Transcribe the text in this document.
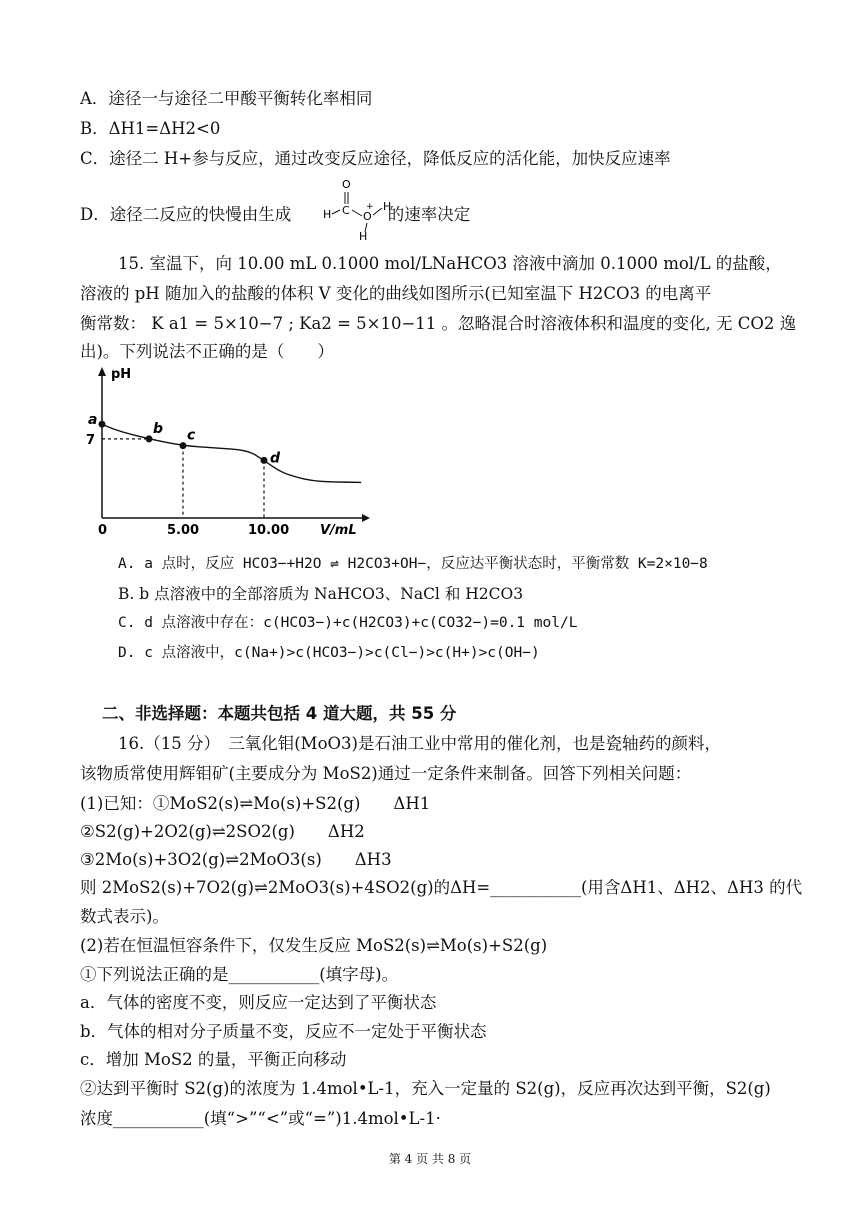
A．途径一与途径二甲酸平衡转化率相同
B．ΔH1=ΔH2<0
C．途径二 H+参与反应，通过改变反应途径，降低反应的活化能，加快反应速率
D．途径二反应的快慢由生成	的速率决定
O
H C O
+ H
H
15. 室温下，向 10.00 mL 0.1000 mol/LNaHCO3 溶液中滴加 0.1000 mol/L 的盐酸，
溶液的 pH 随加入的盐酸的体积 V 变化的曲线如图所示(已知室温下 H2CO3 的电离平
衡常数： K a1 = 5×10−7 ; Ka2 = 5×10−11 。忽略混合时溶液体积和温度的变化, 无 CO2 逸
出)。下列说法不正确的是（　　）
pH
V/mL
0	5.00	10.00
7
a
b c
d
A. a 点时，反应 HCO3−+H2O ⇌ H2CO3+OH−，反应达平衡状态时，平衡常数 K=2×10−8
B. b 点溶液中的全部溶质为 NaHCO3、NaCl 和 H2CO3
C. d 点溶液中存在：c(HCO3−)+c(H2CO3)+c(CO32−)=0.1 mol/L
D. c 点溶液中，c(Na+)>c(HCO3−)>c(Cl−)>c(H+)>c(OH−)
二、非选择题：本题共包括 4 道大题，共 55 分
16.（15 分）　三氧化钼(MoO3)是石油工业中常用的催化剂，也是瓷轴药的颜料，
该物质常使用辉钼矿(主要成分为 MoS2)通过一定条件来制备。回答下列相关问题：
(1)已知：①MoS2(s)⇌Mo(s)+S2(g)　　ΔH1
②S2(g)+2O2(g)⇌2SO2(g)　　ΔH2
③2Mo(s)+3O2(g)⇌2MoO3(s)　　ΔH3
则 2MoS2(s)+7O2(g)⇌2MoO3(s)+4SO2(g)的ΔH=___________(用含ΔH1、ΔH2、ΔH3 的代
数式表示)。
(2)若在恒温恒容条件下，仅发生反应 MoS2(s)⇌Mo(s)+S2(g)
①下列说法正确的是___________(填字母)。
a．气体的密度不变，则反应一定达到了平衡状态
b．气体的相对分子质量不变，反应不一定处于平衡状态
c．增加 MoS2 的量，平衡正向移动
②达到平衡时 S2(g)的浓度为 1.4mol•L-1，充入一定量的 S2(g)，反应再次达到平衡，S2(g)
浓度___________(填“>”“<”或“=”)1.4mol•L-1·
第 4 页 共 8 页
